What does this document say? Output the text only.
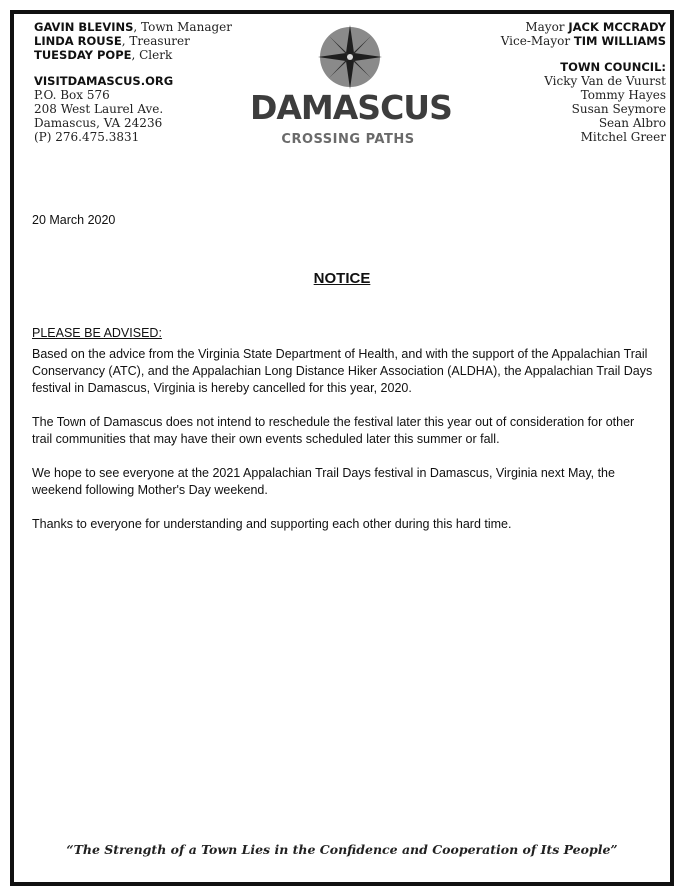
GAVIN BLEVINS, Town Manager
LINDA ROUSE, Treasurer
TUESDAY POPE, Clerk
VISITDAMASCUS.ORG
P.O. Box 576
208 West Laurel Ave.
Damascus, VA 24236
(P) 276.475.3831
DAMASCUS
CROSSING PATHS
Mayor JACK MCCRADY
Vice-Mayor TIM WILLIAMS
TOWN COUNCIL:
Vicky Van de Vuurst
Tommy Hayes
Susan Seymore
Sean Albro
Mitchel Greer
20 March 2020
NOTICE

PLEASE BE ADVISED:

Based on the advice from the Virginia State Department of Health, and with the support of the Appalachian Trail Conservancy (ATC), and the Appalachian Long Distance Hiker Association (ALDHA), the Appalachian Trail Days festival in Damascus, Virginia is hereby cancelled for this year, 2020.

The Town of Damascus does not intend to reschedule the festival later this year out of consideration for other trail communities that may have their own events scheduled later this summer or fall.

We hope to see everyone at the 2021 Appalachian Trail Days festival in Damascus, Virginia next May, the weekend following Mother's Day weekend.

Thanks to everyone for understanding and supporting each other during this hard time.

“The Strength of a Town Lies in the Confidence and Cooperation of Its People”
